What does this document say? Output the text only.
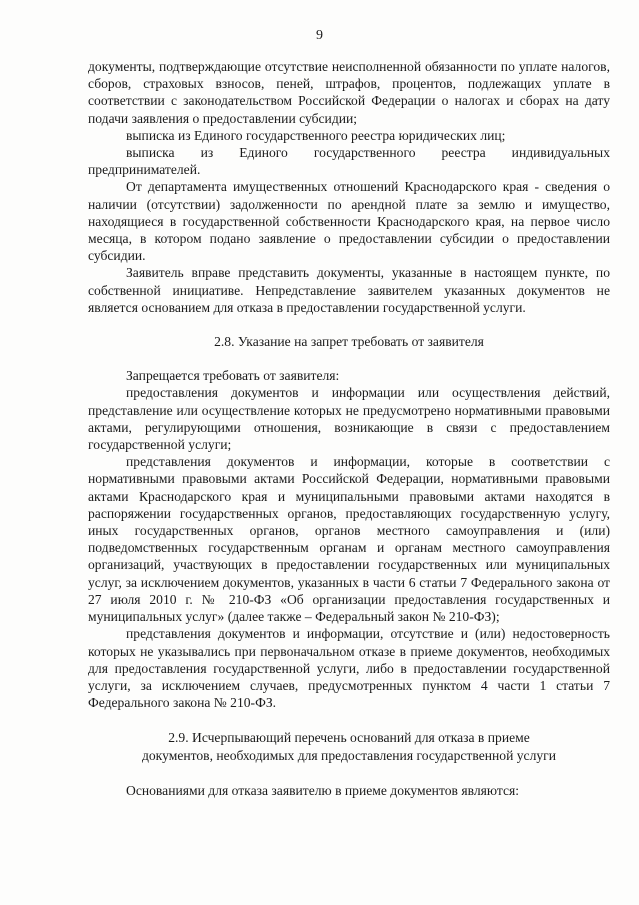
9

документы, подтверждающие отсутствие неисполненной обязанности по уплате налогов, сборов, страховых взносов, пеней, штрафов, процентов, подлежащих уплате в соответствии с законодательством Российской Федерации о налогах и сборах на дату подачи заявления о предоставлении субсидии;

выписка из Единого государственного реестра юридических лиц;

выписка из Единого государственного реестра индивидуальных предпринимателей.

От департамента имущественных отношений Краснодарского края - сведения о наличии (отсутствии) задолженности по арендной плате за землю и имущество, находящиеся в государственной собственности Краснодарского края, на первое число месяца, в котором подано заявление о предоставлении субсидии о предоставлении субсидии.

Заявитель вправе представить документы, указанные в настоящем пункте, по собственной инициативе. Непредставление заявителем указанных документов не является основанием для отказа в предоставлении государственной услуги.

2.8. Указание на запрет требовать от заявителя

Запрещается требовать от заявителя:

предоставления документов и информации или осуществления действий, представление или осуществление которых не предусмотрено нормативными правовыми актами, регулирующими отношения, возникающие в связи с предоставлением государственной услуги;

представления документов и информации, которые в соответствии с нормативными правовыми актами Российской Федерации, нормативными правовыми актами Краснодарского края и муниципальными правовыми актами находятся в распоряжении государственных органов, предоставляющих государственную услугу, иных государственных органов, органов местного самоуправления и (или) подведомственных государственным органам и органам местного самоуправления организаций, участвующих в предоставлении государственных или муниципальных услуг, за исключением документов, указанных в части 6 статьи 7 Федерального закона от 27 июля 2010 г. № 210-ФЗ «Об организации предоставления государственных и муниципальных услуг» (далее также – Федеральный закон № 210-ФЗ);

представления документов и информации, отсутствие и (или) недостоверность которых не указывались при первоначальном отказе в приеме документов, необходимых для предоставления государственной услуги, либо в предоставлении государственной услуги, за исключением случаев, предусмотренных пунктом 4 части 1 статьи 7 Федерального закона № 210-ФЗ.

2.9. Исчерпывающий перечень оснований для отказа в приеме
документов, необходимых для предоставления государственной услуги

Основаниями для отказа заявителю в приеме документов являются:
